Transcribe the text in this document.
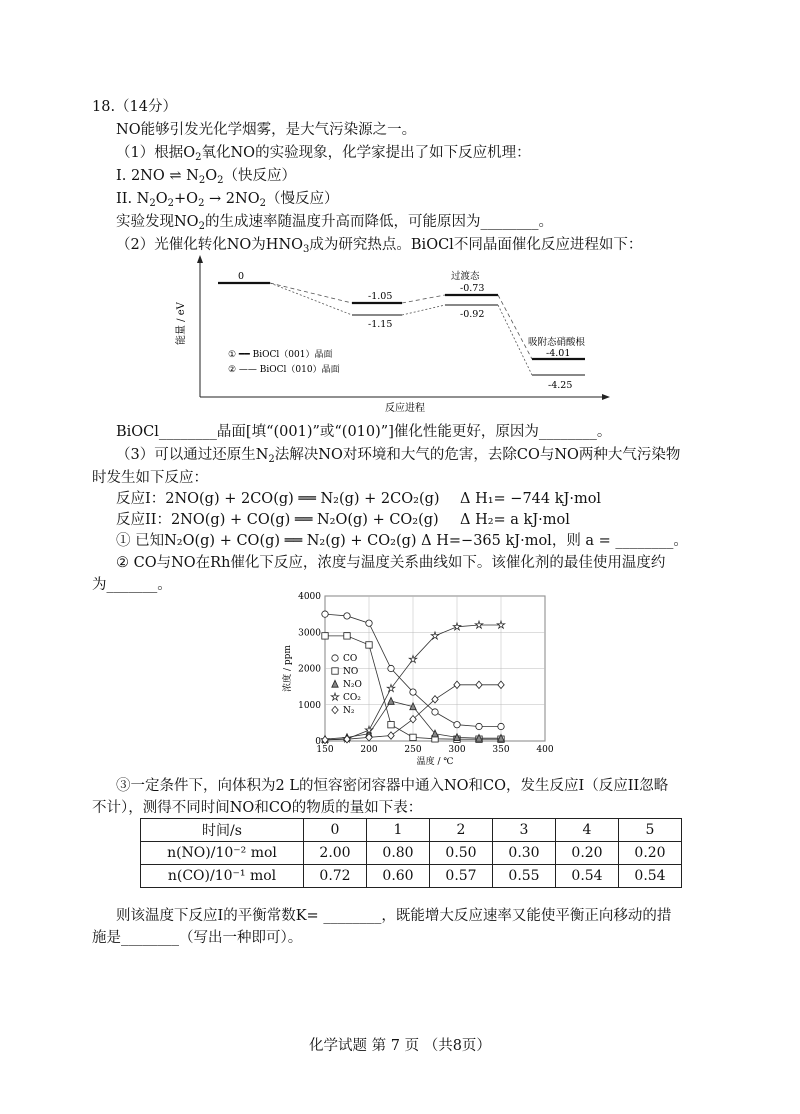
18.（14分）
NO能够引发光化学烟雾，是大气污染源之一。
（1）根据$O_2$氧化NO的实验现象，化学家提出了如下反应机理：
I. 2NO ⇌ $N_2O_2$（快反应）
II. $N_2O_2+O_2 \to 2NO_2$（慢反应）
实验发现$NO_2$的生成速率随温度升高而降低，可能原因为________。
（2）光催化转化NO为$HNO_3$成为研究热点。BiOCl不同晶面催化反应进程如下：
能量 / eV
0
-1.05
-1.15
过渡态
-0.73
-0.92
吸附态硝酸根
-4.01
-4.25
① ━━ BiOCl（001）晶面
② —— BiOCl（010）晶面
反应进程
BiOCl________晶面[填“(001)”或“(010)”]催化性能更好，原因为________。
（3）可以通过还原生$N_2$法解决NO对环境和大气的危害，去除CO与NO两种大气污染物
时发生如下反应：
反应I：2NO(g) + 2CO(g) ══ N₂(g) + 2CO₂(g) Δ H₁= −744 kJ·mol
反应II：2NO(g) + CO(g) ══ N₂O(g) + CO₂(g) Δ H₂= a kJ·mol
① 已知N₂O(g) + CO(g) ══ N₂(g) + CO₂(g) Δ H=−365 kJ·mol，则 a = ________。
② CO与NO在Rh催化下反应，浓度与温度关系曲线如下。该催化剂的最佳使用温度约
为_______。
0
1000
2000
3000
4000
150	200	250	300	350	400
温度 / ℃
浓度 / ppm	CO
NO
N₂O
CO₂
N₂
③一定条件下，向体积为2 L的恒容密闭容器中通入NO和CO，发生反应I（反应II忽略
不计），测得不同时间NO和CO的物质的量如下表：
时间/s	0	1	2	3	4	5
n(NO)/10⁻² mol	2.00	0.80	0.50	0.30	0.20	0.20
n(CO)/10⁻¹ mol	0.72	0.60	0.57	0.55	0.54	0.54
则该温度下反应I的平衡常数K= ________，既能增大反应速率又能使平衡正向移动的措
施是________（写出一种即可）。
化学试题 第 7 页 （共8页）
